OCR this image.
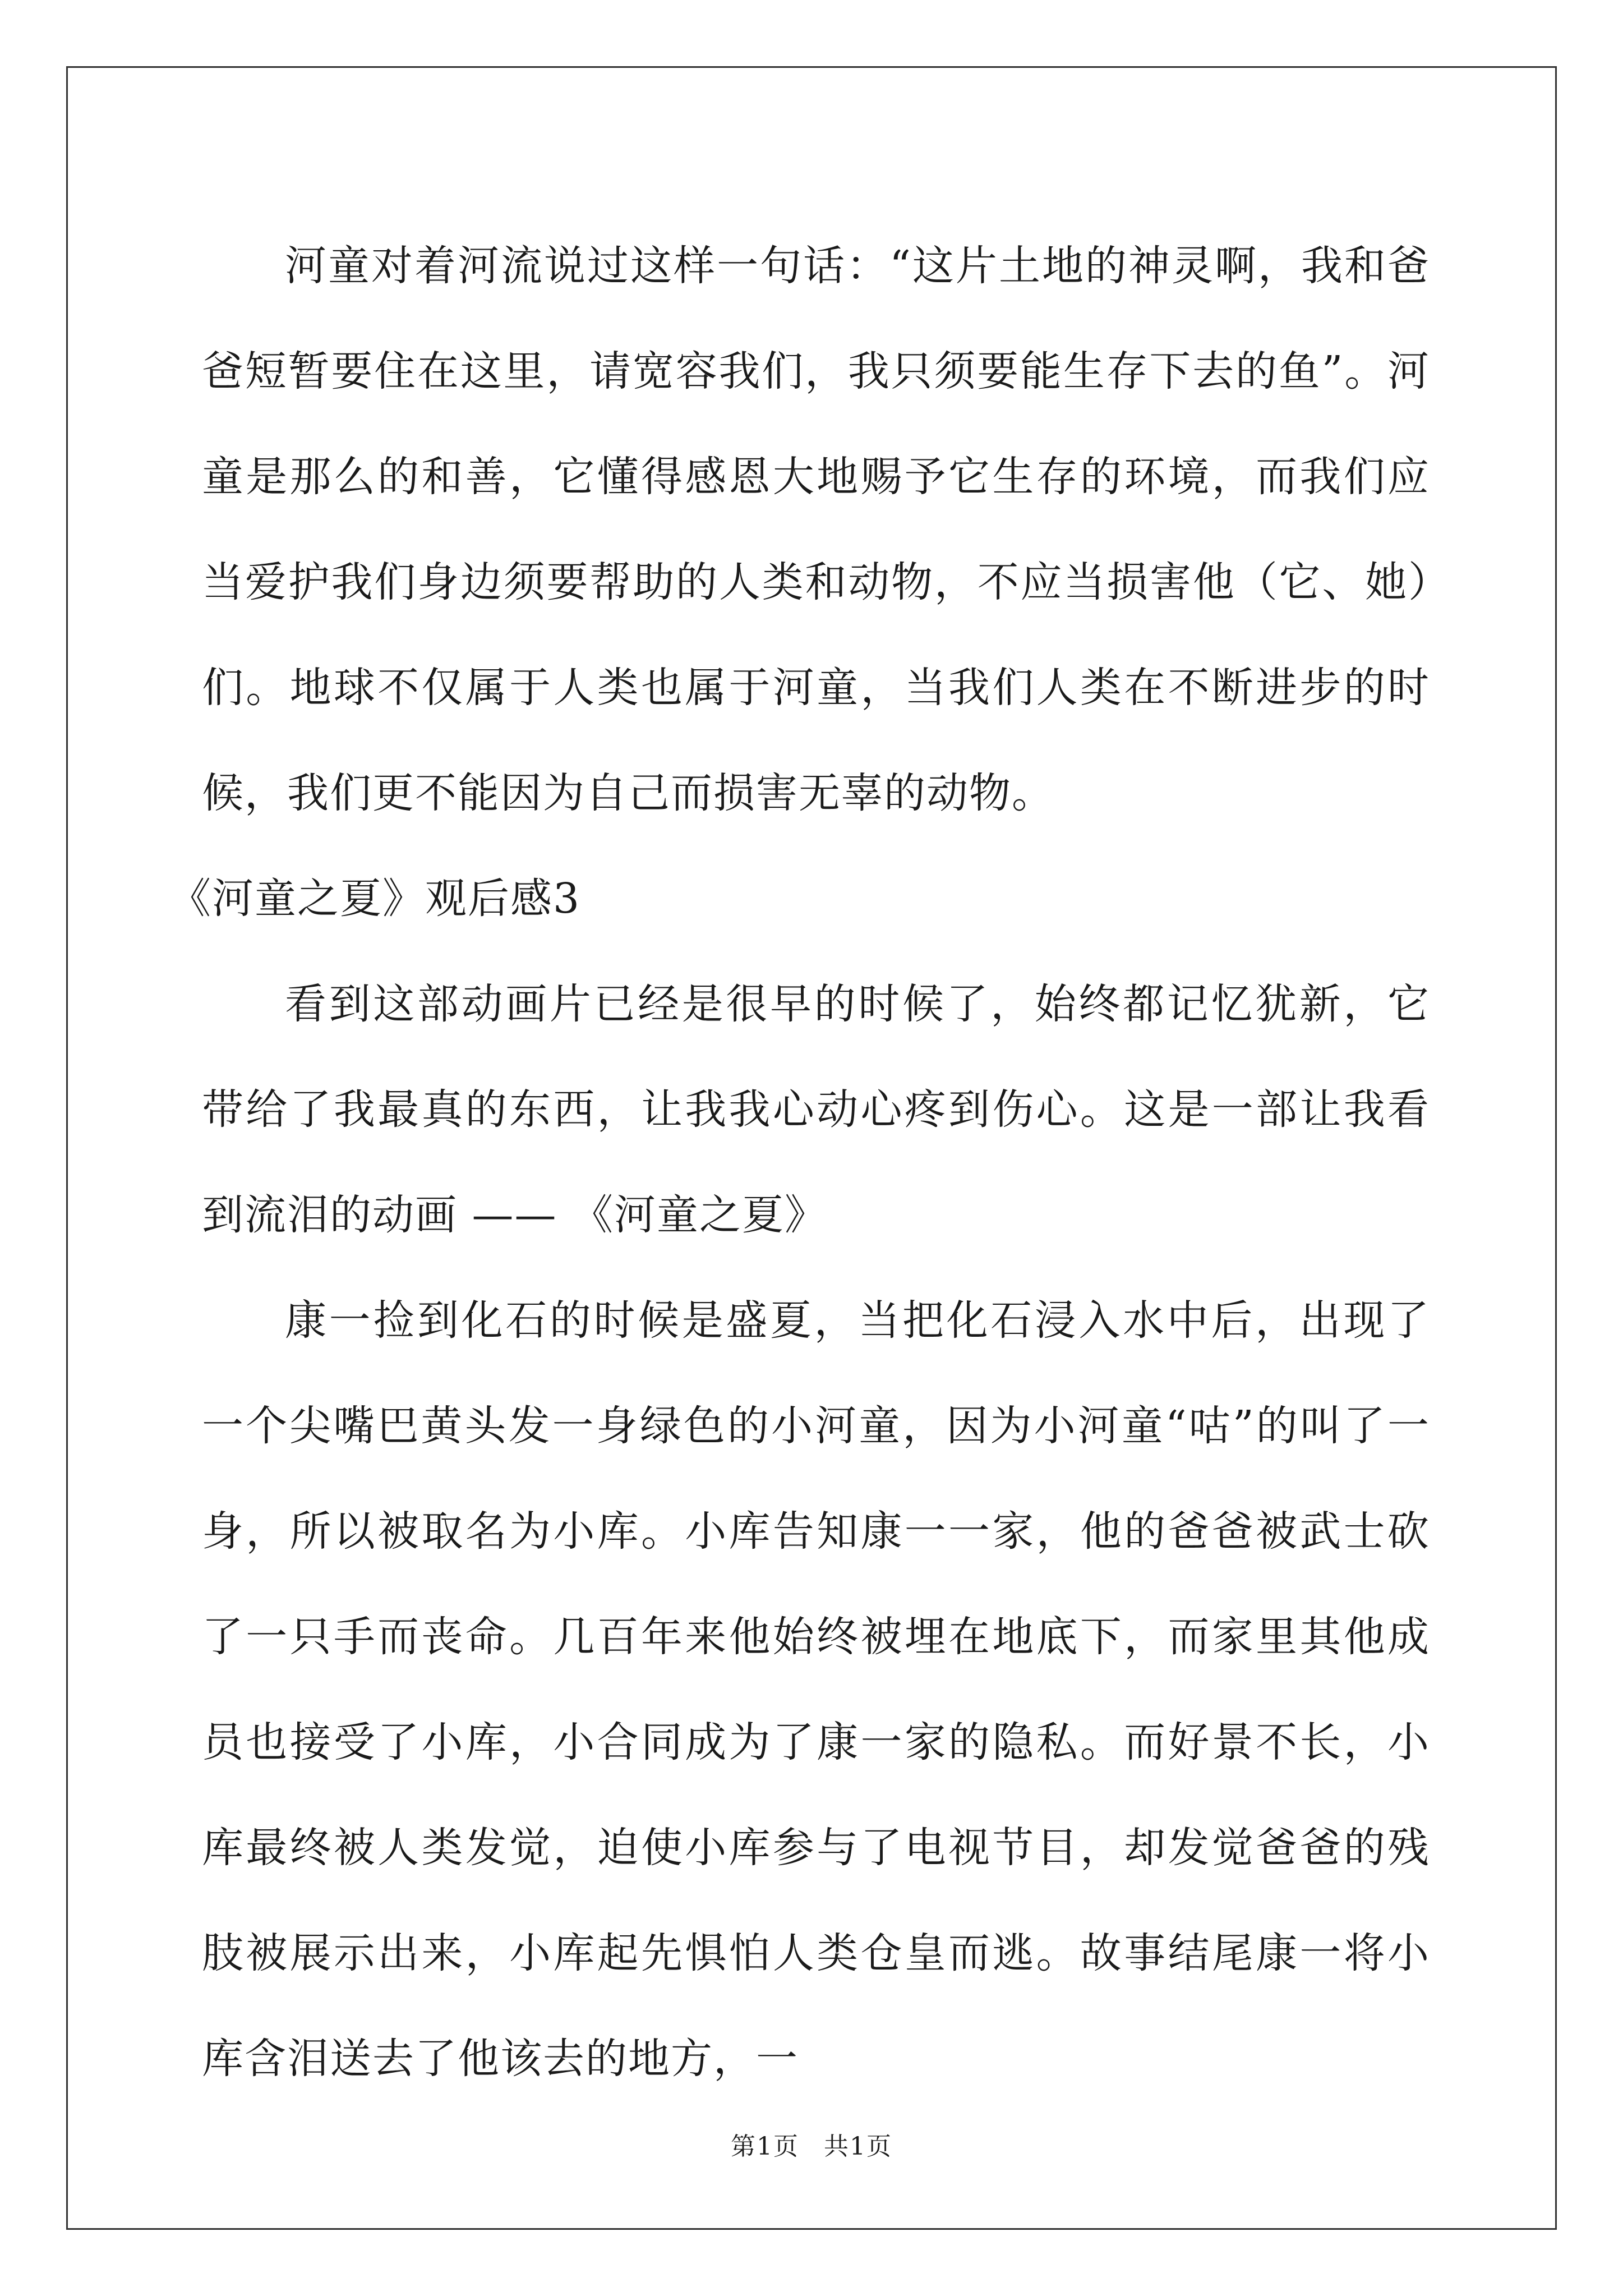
河童对着河流说过这样一句话：“这片土地的神灵啊，我和爸爸短暂要住在这里，请宽容我们，我只须要能生存下去的鱼”。河童是那么的和善，它懂得感恩大地赐予它生存的环境，而我们应当爱护我们身边须要帮助的人类和动物，不应当损害他（它、她）们。地球不仅属于人类也属于河童，当我们人类在不断进步的时候，我们更不能因为自己而损害无辜的动物。

《河童之夏》观后感3

看到这部动画片已经是很早的时候了，始终都记忆犹新，它带给了我最真的东西，让我我心动心疼到伤心。这是一部让我看到流泪的动画 —— 《河童之夏》

康一捡到化石的时候是盛夏，当把化石浸入水中后，出现了一个尖嘴巴黄头发一身绿色的小河童，因为小河童“咕”的叫了一身，所以被取名为小库。小库告知康一一家，他的爸爸被武士砍了一只手而丧命。几百年来他始终被埋在地底下，而家里其他成员也接受了小库，小合同成为了康一家的隐私。而好景不长，小库最终被人类发觉，迫使小库参与了电视节目，却发觉爸爸的残肢被展示出来，小库起先惧怕人类仓皇而逃。故事结尾康一将小库含泪送去了他该去的地方，一

第1页 共1页
